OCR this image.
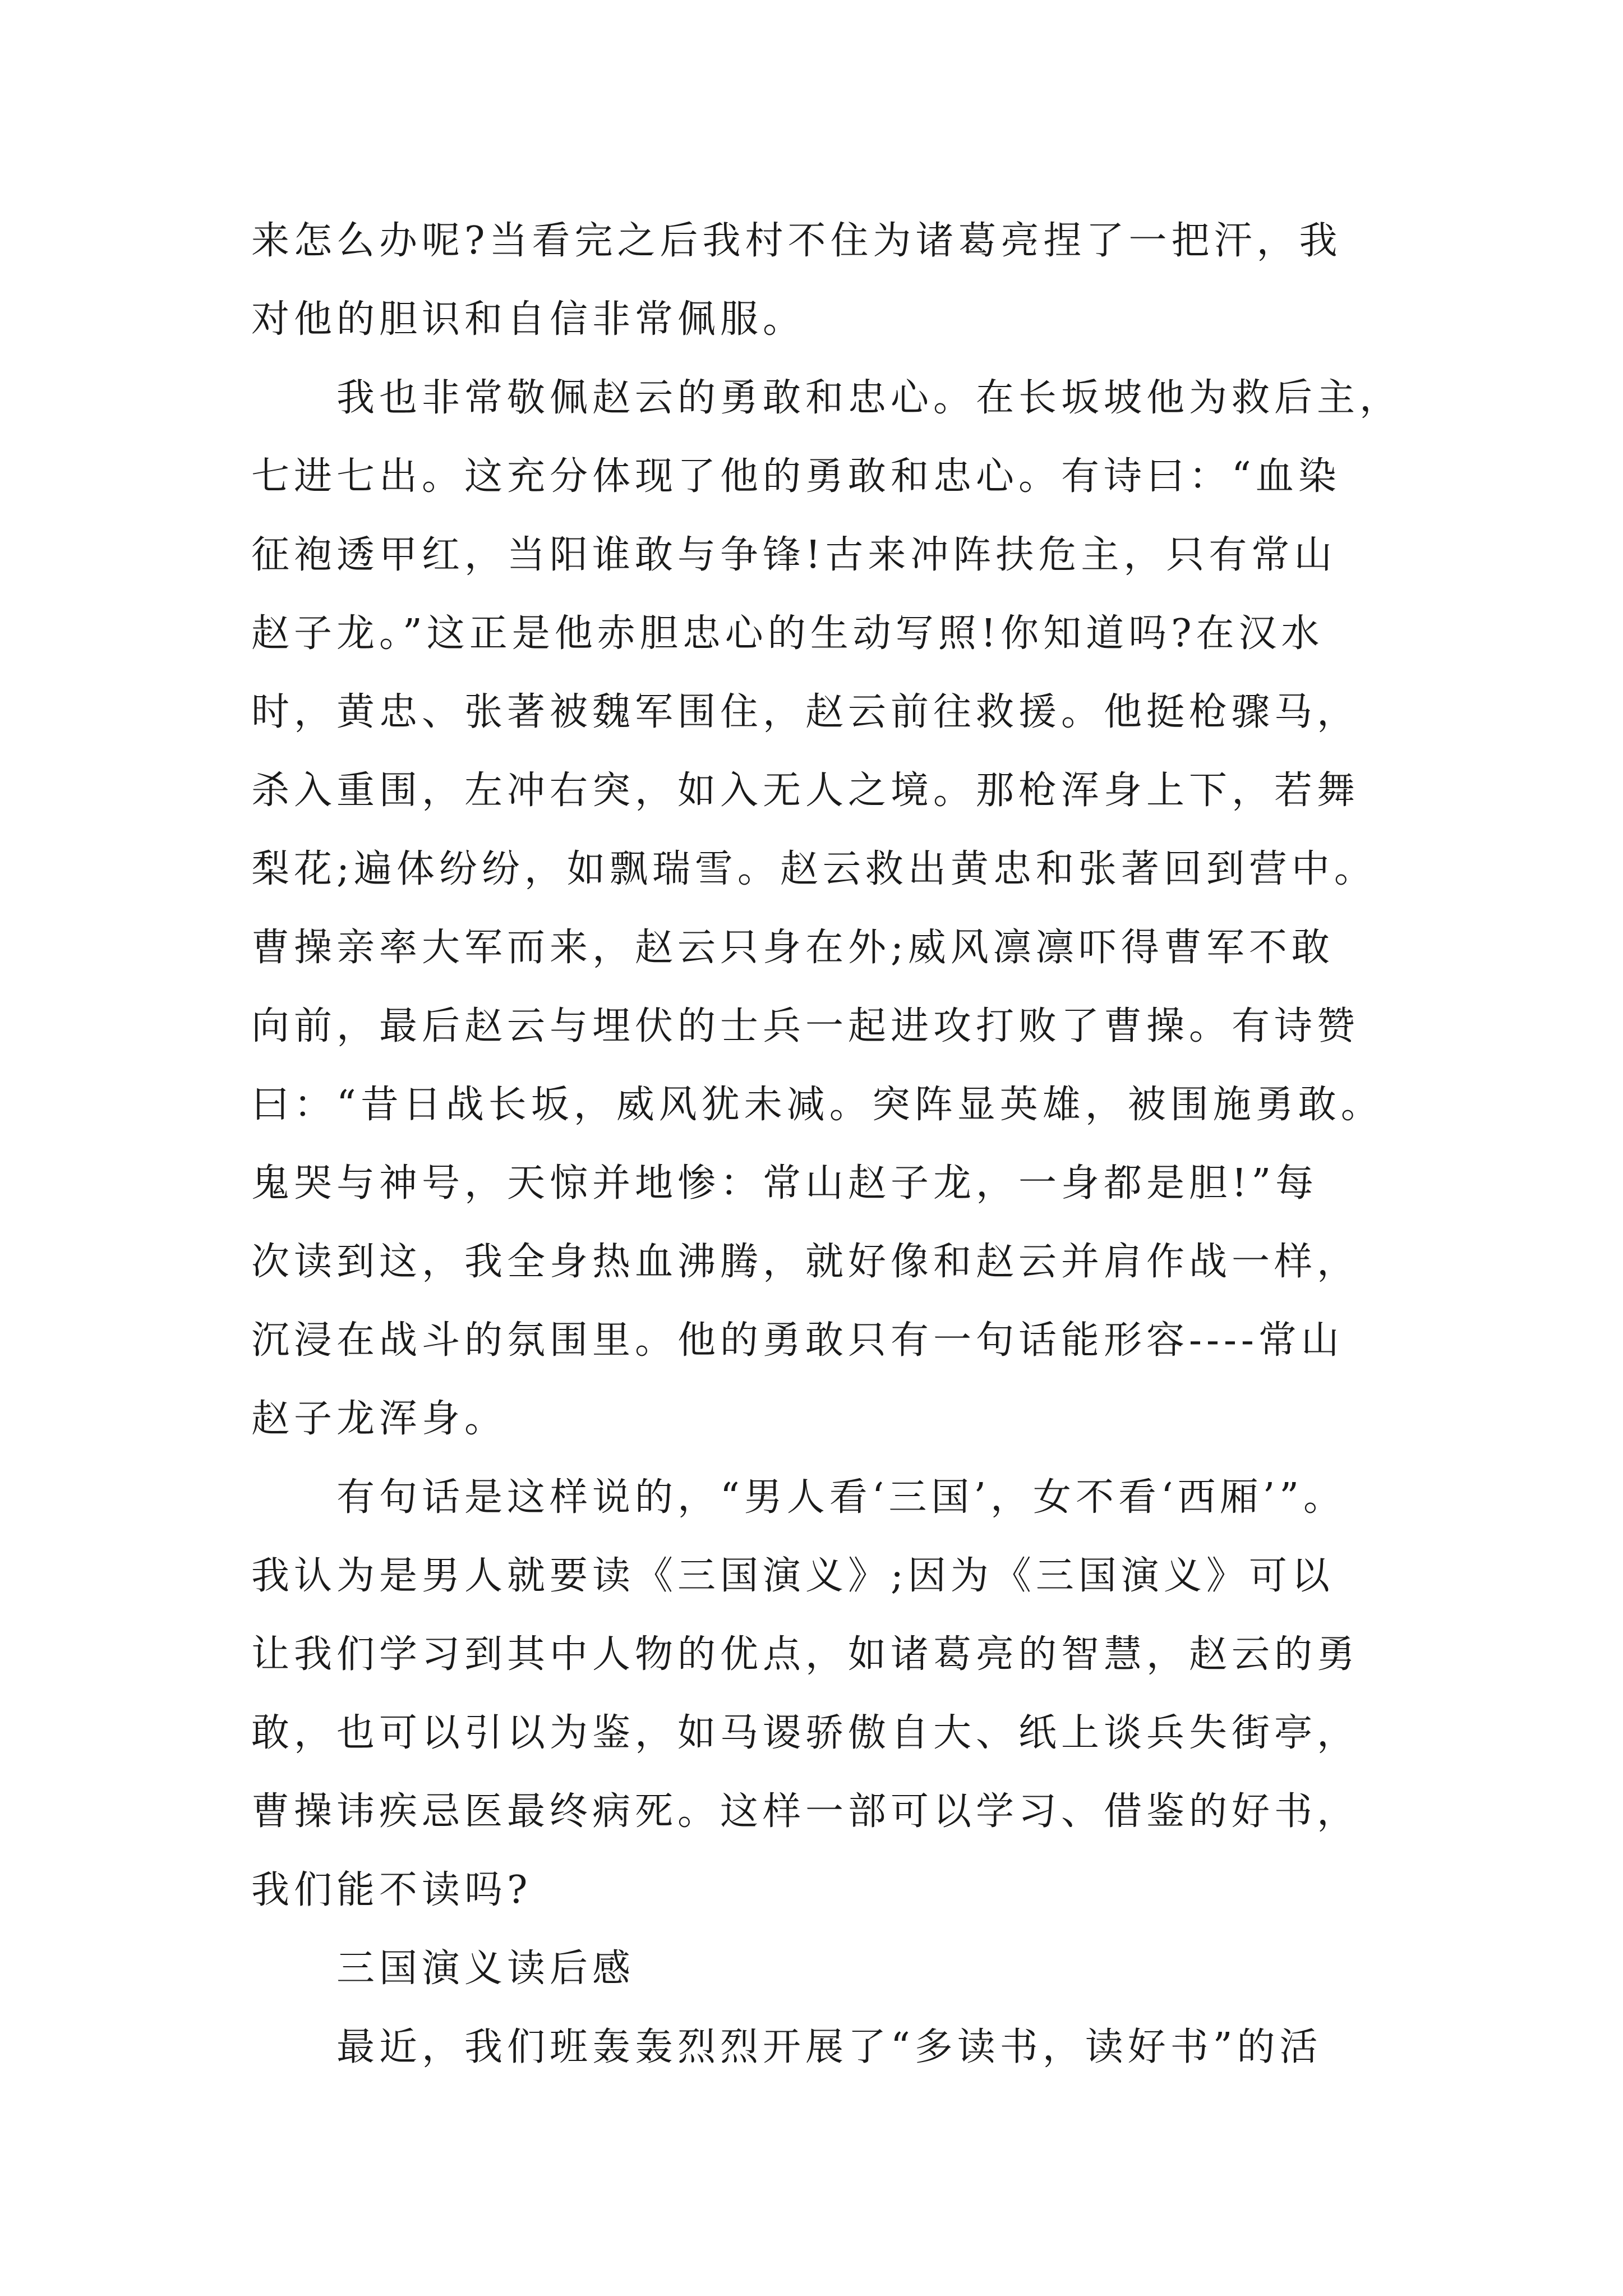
来怎么办呢?当看完之后我村不住为诸葛亮捏了一把汗，我
对他的胆识和自信非常佩服。
我也非常敬佩赵云的勇敢和忠心。在长坂坡他为救后主，
七进七出。这充分体现了他的勇敢和忠心。有诗曰：“血染
征袍透甲红，当阳谁敢与争锋!古来冲阵扶危主，只有常山
赵子龙。”这正是他赤胆忠心的生动写照!你知道吗?在汉水
时，黄忠、张著被魏军围住，赵云前往救援。他挺枪骤马，
杀入重围，左冲右突，如入无人之境。那枪浑身上下，若舞
梨花;遍体纷纷，如飘瑞雪。赵云救出黄忠和张著回到营中。
曹操亲率大军而来，赵云只身在外;威风凛凛吓得曹军不敢
向前，最后赵云与埋伏的士兵一起进攻打败了曹操。有诗赞
曰：“昔日战长坂，威风犹未减。突阵显英雄，被围施勇敢。
鬼哭与神号，天惊并地惨：常山赵子龙，一身都是胆!”每
次读到这，我全身热血沸腾，就好像和赵云并肩作战一样，
沉浸在战斗的氛围里。他的勇敢只有一句话能形容----常山
赵子龙浑身。
有句话是这样说的，“男人看‘三国’，女不看‘西厢’”。
我认为是男人就要读《三国演义》;因为《三国演义》可以
让我们学习到其中人物的优点，如诸葛亮的智慧，赵云的勇
敢，也可以引以为鉴，如马谡骄傲自大、纸上谈兵失街亭，
曹操讳疾忌医最终病死。这样一部可以学习、借鉴的好书，
我们能不读吗?
三国演义读后感
最近，我们班轰轰烈烈开展了“多读书，读好书”的活
